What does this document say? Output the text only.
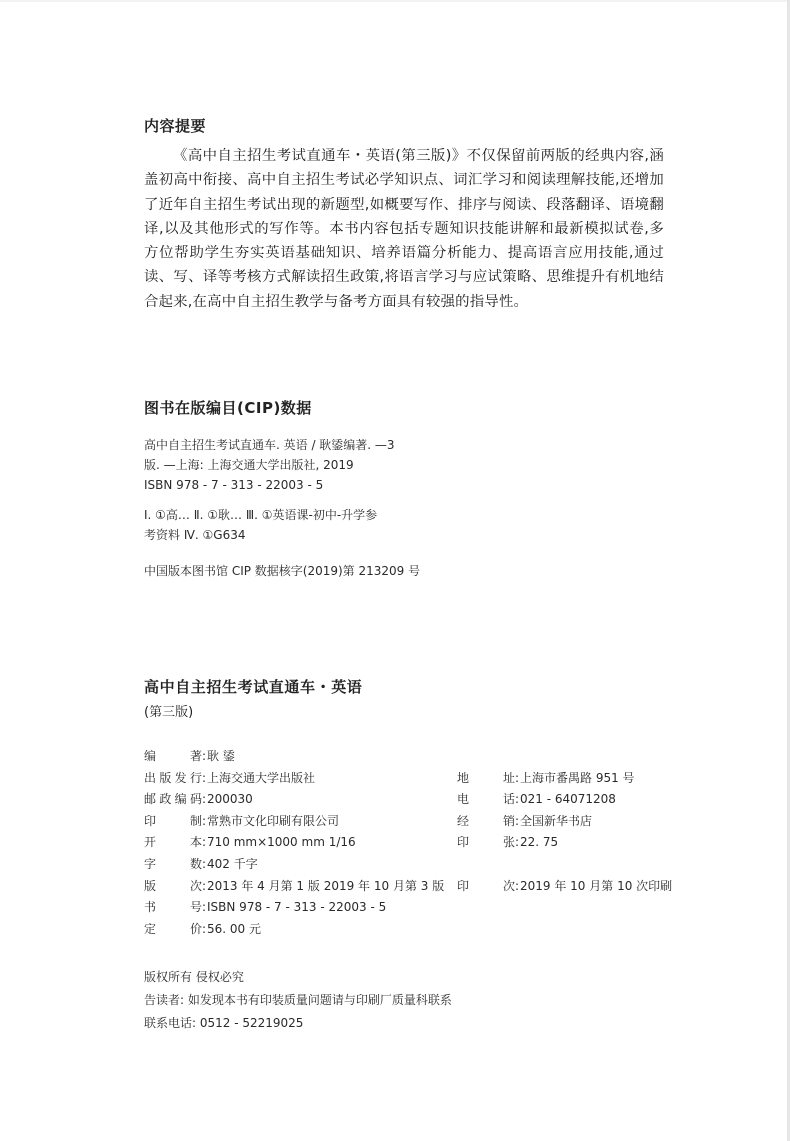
内容提要
《高中自主招生考试直通车・英语(第三版)》不仅保留前两版的经典内容,涵盖初高中衔接、高中自主招生考试必学知识点、词汇学习和阅读理解技能,还增加了近年自主招生考试出现的新题型,如概要写作、排序与阅读、段落翻译、语境翻译,以及其他形式的写作等。本书内容包括专题知识技能讲解和最新模拟试卷,多方位帮助学生夯实英语基础知识、培养语篇分析能力、提高语言应用技能,通过读、写、译等考核方式解读招生政策,将语言学习与应试策略、思维提升有机地结合起来,在高中自主招生教学与备考方面具有较强的指导性。
图书在版编目(CIP)数据
高中自主招生考试直通车. 英语 / 耿鋈编著. —3
版. —上海: 上海交通大学出版社, 2019
ISBN 978 - 7 - 313 - 22003 - 5
Ⅰ. ①高… Ⅱ. ①耿… Ⅲ. ①英语课-初中-升学参
考资料 Ⅳ. ①G634
中国版本图书馆 CIP 数据核字(2019)第 213209 号
高中自主招生考试直通车・英语
(第三版)
编著 : 耿 鋈
出版发行 : 上海交通大学出版社	地址 : 上海市番禺路 951 号
邮政编码 : 200030	电话 : 021 - 64071208
印制 : 常熟市文化印刷有限公司	经销 : 全国新华书店
开本 : 710 mm×1000 mm 1/16	印张 : 22. 75
字数 : 402 千字
版次 : 2013 年 4 月第 1 版 2019 年 10 月第 3 版 印次 : 2019 年 10 月第 10 次印刷
书号 : ISBN 978 - 7 - 313 - 22003 - 5
定价 : 56. 00 元
版权所有 侵权必究
告读者: 如发现本书有印装质量问题请与印刷厂质量科联系
联系电话: 0512 - 52219025
